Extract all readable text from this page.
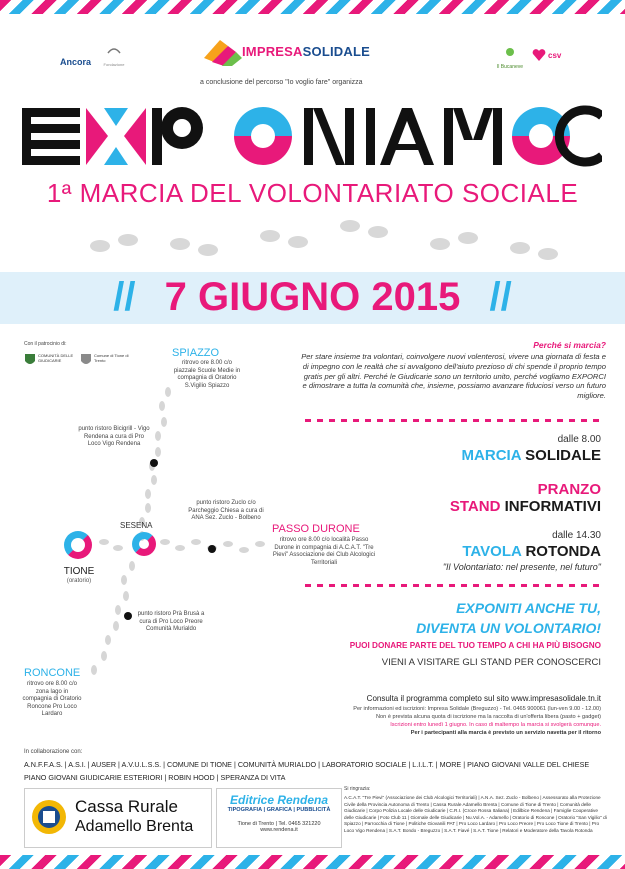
Ancora	Fondazione
IMPRESASOLIDALE
a conclusione del percorso "Io voglio fare" organizza
Il Bucaneve
csv
1ª MARCIA DEL VOLONTARIATO SOCIALE
// 7 GIUGNO 2015 //
Con il patrocinio di:
COMUNITÀ DELLE GIUDICARIE
Comune di Tione di Trento
SPIAZZO
ritrovo ore 8.00 c/o piazzale Scuole Medie in compagnia di Oratorio S.Vigilio Spiazzo
punto ristoro Bicigrill - Vigo Rendena a cura di Pro Loco Vigo Rendena
punto ristoro Zuclo c/o Parcheggio Chiesa a cura di ANA Sez. Zuclo - Bolbeno
SESENA
TIONE
(oratorio)
PASSO DURONE
ritrovo ore 8.00 c/o località Passo Durone in compagnia di A.C.A.T. "Tre Pievi" Associazione dei Club Alcologici Territoriali
punto ristoro Prà Brusà a cura di Pro Loco Preore Comunità Murialdo
RONCONE
ritrovo ore 8.00 c/o zona lago in compagnia di Oratorio Roncone Pro Loco Lardaro
Perché si marcia?
Per stare insieme tra volontari, coinvolgere nuovi volenterosi, vivere una giornata di festa e di impegno con le realtà che si avvalgono dell'aiuto prezioso di chi spende il proprio tempo gratis per gli altri. Perché le Giudicarie sono un territorio unito, perché vogliamo EXPORCI e dimostrare a tutta la comunità che, insieme, possiamo avanzare fiduciosi verso un futuro migliore.
dalle 8.00
MARCIA SOLIDALE
PRANZO
STAND INFORMATIVI
dalle 14.30
TAVOLA ROTONDA
"Il Volontariato: nel presente, nel futuro"
EXPONITI ANCHE TU,
DIVENTA UN VOLONTARIO!
PUOI DONARE PARTE DEL TUO TEMPO A CHI HA PIÙ BISOGNO
VIENI A VISITARE GLI STAND PER CONOSCERCI
Consulta il programma completo sul sito www.impresasolidale.tn.it
Per informazioni ed iscrizioni: Impresa Solidale (Breguzzo) - Tel. 0465 900061 (lun-ven 9.00 - 12.00)
Non è prevista alcuna quota di iscrizione ma la raccolta di un'offerta libera (pasto + gadget)
Iscrizioni entro lunedì 1 giugno. In caso di maltempo la marcia si svolgerà comunque.
Per i partecipanti alla marcia è previsto un servizio navetta per il ritorno
In collaborazione con:
A.N.F.F.A.S. | A.S.I. | AUSER | A.V.U.L.S.S. | COMUNE DI TIONE | COMUNITÀ MURIALDO | LABORATORIO SOCIALE | L.I.L.T. | MORE | PIANO GIOVANI VALLE DEL CHIESE
PIANO GIOVANI GIUDICARIE ESTERIORI | ROBIN HOOD | SPERANZA DI VITA
Cassa Rurale
Adamello Brenta
Editrice Rendena
TIPOGRAFIA | GRAFICA | PUBBLICITÀ
Tione di Trento | Tel. 0465 321220
www.rendena.it
Si ringrazia:
A.C.A.T. "Tre Pievi" (Associazione dei Club Alcologici Territoriali) | A.N.A. Sez. Zuclo - Bolbeno | Assessorato alla Protezione Civile della Provincia Autonoma di Trento | Cassa Rurale Adamello Brenta | Comune di Tione di Trento | Comunità delle Giudicarie | Corpo Polizia Locale delle Giudicarie | C.R.I. (Croce Rossa Italiana) | Edilbice Rendena | Famiglie Cooperative delle Giudicarie | Foto Club 11 | Giornale delle Giudicarie | Nu.Vol.A. - Adamello | Oratorio di Roncone | Oratorio "San Vigilio" di Spiazzo | Parrocchia di Tione | Politiche Giovanili PAT | Pro Loco Lardaro | Pro Loco Preore | Pro Loco Tione di Trento | Pro Loco Vigo Rendena | S.A.T. Bondo - Breguzzo | S.A.T. Fiavé | S.A.T. Tione | Relatori e Moderatore della Tavola Rotonda
